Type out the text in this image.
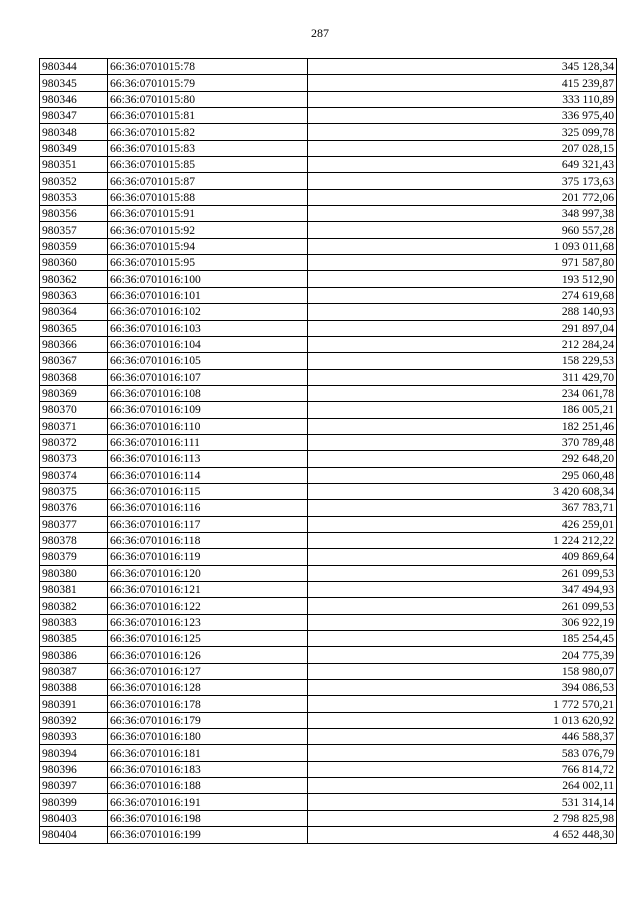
287
980344	66:36:0701015:78	345 128,34
980345	66:36:0701015:79	415 239,87
980346	66:36:0701015:80	333 110,89
980347	66:36:0701015:81	336 975,40
980348	66:36:0701015:82	325 099,78
980349	66:36:0701015:83	207 028,15
980351	66:36:0701015:85	649 321,43
980352	66:36:0701015:87	375 173,63
980353	66:36:0701015:88	201 772,06
980356	66:36:0701015:91	348 997,38
980357	66:36:0701015:92	960 557,28
980359	66:36:0701015:94	1 093 011,68
980360	66:36:0701015:95	971 587,80
980362	66:36:0701016:100	193 512,90
980363	66:36:0701016:101	274 619,68
980364	66:36:0701016:102	288 140,93
980365	66:36:0701016:103	291 897,04
980366	66:36:0701016:104	212 284,24
980367	66:36:0701016:105	158 229,53
980368	66:36:0701016:107	311 429,70
980369	66:36:0701016:108	234 061,78
980370	66:36:0701016:109	186 005,21
980371	66:36:0701016:110	182 251,46
980372	66:36:0701016:111	370 789,48
980373	66:36:0701016:113	292 648,20
980374	66:36:0701016:114	295 060,48
980375	66:36:0701016:115	3 420 608,34
980376	66:36:0701016:116	367 783,71
980377	66:36:0701016:117	426 259,01
980378	66:36:0701016:118	1 224 212,22
980379	66:36:0701016:119	409 869,64
980380	66:36:0701016:120	261 099,53
980381	66:36:0701016:121	347 494,93
980382	66:36:0701016:122	261 099,53
980383	66:36:0701016:123	306 922,19
980385	66:36:0701016:125	185 254,45
980386	66:36:0701016:126	204 775,39
980387	66:36:0701016:127	158 980,07
980388	66:36:0701016:128	394 086,53
980391	66:36:0701016:178	1 772 570,21
980392	66:36:0701016:179	1 013 620,92
980393	66:36:0701016:180	446 588,37
980394	66:36:0701016:181	583 076,79
980396	66:36:0701016:183	766 814,72
980397	66:36:0701016:188	264 002,11
980399	66:36:0701016:191	531 314,14
980403	66:36:0701016:198	2 798 825,98
980404	66:36:0701016:199	4 652 448,30
